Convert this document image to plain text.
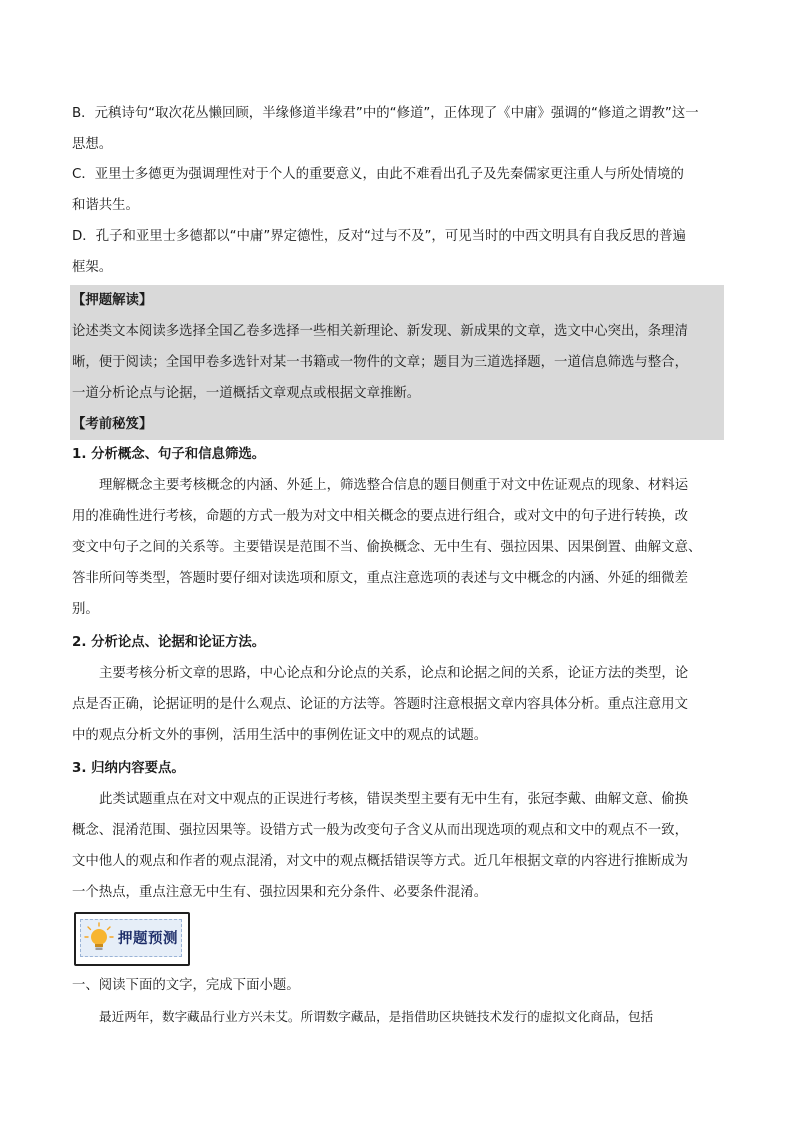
B．元稹诗句“取次花丛懒回顾，半缘修道半缘君”中的“修道”，正体现了《中庸》强调的“修道之谓教”这一

思想。

C．亚里士多德更为强调理性对于个人的重要意义，由此不难看出孔子及先秦儒家更注重人与所处情境的

和谐共生。

D．孔子和亚里士多德都以“中庸”界定德性，反对“过与不及”，可见当时的中西文明具有自我反思的普遍

框架。

【押题解读】

论述类文本阅读多选择全国乙卷多选择一些相关新理论、新发现、新成果的文章，选文中心突出，条理清

晰，便于阅读；全国甲卷多选针对某一书籍或一物件的文章；题目为三道选择题，一道信息筛选与整合，

一道分析论点与论据，一道概括文章观点或根据文章推断。

【考前秘笈】

1. 分析概念、句子和信息筛选。

理解概念主要考核概念的内涵、外延上，筛选整合信息的题目侧重于对文中佐证观点的现象、材料运

用的准确性进行考核，命题的方式一般为对文中相关概念的要点进行组合，或对文中的句子进行转换，改

变文中句子之间的关系等。主要错误是范围不当、偷换概念、无中生有、强拉因果、因果倒置、曲解文意、

答非所问等类型，答题时要仔细对读选项和原文，重点注意选项的表述与文中概念的内涵、外延的细微差

别。

2. 分析论点、论据和论证方法。

主要考核分析文章的思路，中心论点和分论点的关系，论点和论据之间的关系，论证方法的类型，论

点是否正确，论据证明的是什么观点、论证的方法等。答题时注意根据文章内容具体分析。重点注意用文

中的观点分析文外的事例，活用生活中的事例佐证文中的观点的试题。

3. 归纳内容要点。

此类试题重点在对文中观点的正误进行考核，错误类型主要有无中生有，张冠李戴、曲解文意、偷换

概念、混淆范围、强拉因果等。设错方式一般为改变句子含义从而出现选项的观点和文中的观点不一致，

文中他人的观点和作者的观点混淆，对文中的观点概括错误等方式。近几年根据文章的内容进行推断成为

一个热点，重点注意无中生有、强拉因果和充分条件、必要条件混淆。

押题预测

一、阅读下面的文字，完成下面小题。

最近两年，数字藏品行业方兴未艾。所谓数字藏品，是指借助区块链技术发行的虚拟文化商品，包括
